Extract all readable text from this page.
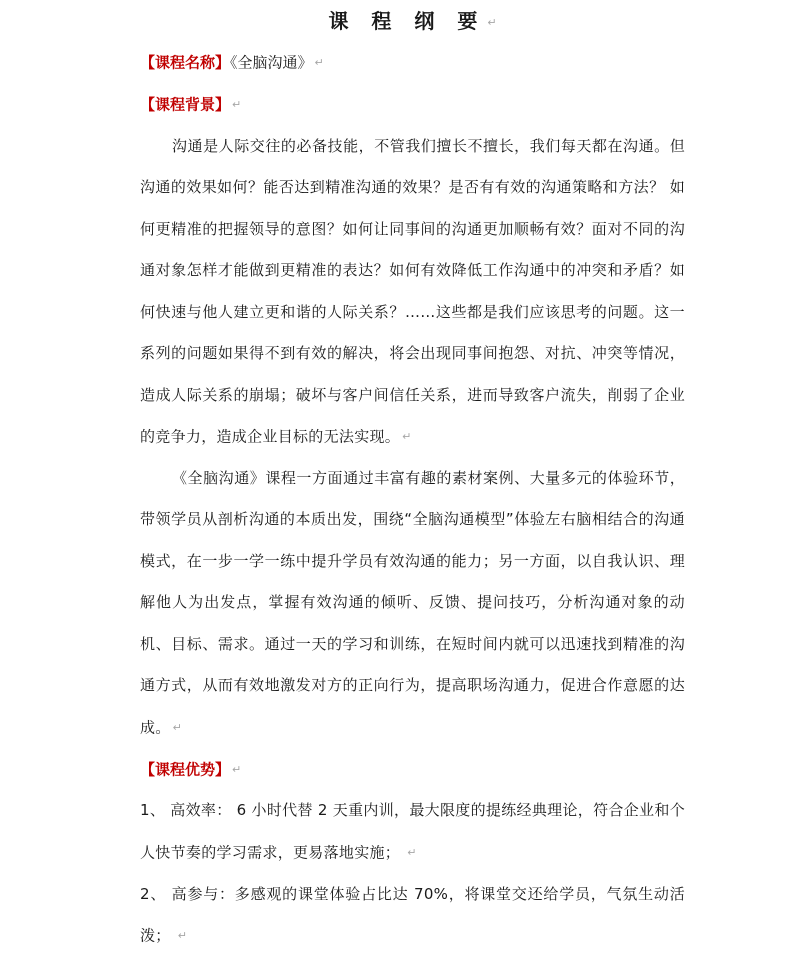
课 程 纲 要 ↵

【课程名称】《全脑沟通》 ↵

【课程背景】 ↵

沟通是人际交往的必备技能，不管我们擅长不擅长，我们每天都在沟通。但沟通的效果如何？能否达到精准沟通的效果？是否有有效的沟通策略和方法？ 如何更精准的把握领导的意图？如何让同事间的沟通更加顺畅有效？面对不同的沟通对象怎样才能做到更精准的表达？如何有效降低工作沟通中的冲突和矛盾？如何快速与他人建立更和谐的人际关系？……这些都是我们应该思考的问题。这一系列的问题如果得不到有效的解决，将会出现同事间抱怨、对抗、冲突等情况，造成人际关系的崩塌；破坏与客户间信任关系，进而导致客户流失，削弱了企业的竞争力，造成企业目标的无法实现。 ↵

《全脑沟通》课程一方面通过丰富有趣的素材案例、大量多元的体验环节，带领学员从剖析沟通的本质出发，围绕“全脑沟通模型”体验左右脑相结合的沟通模式，在一步一学一练中提升学员有效沟通的能力；另一方面，以自我认识、理解他人为出发点，掌握有效沟通的倾听、反馈、提问技巧，分析沟通对象的动机、目标、需求。通过一天的学习和训练，在短时间内就可以迅速找到精准的沟通方式，从而有效地激发对方的正向行为，提高职场沟通力，促进合作意愿的达成。 ↵

【课程优势】 ↵

1、 高效率： 6 小时代替 2 天重内训，最大限度的提练经典理论，符合企业和个人快节奏的学习需求，更易落地实施； ↵

2、 高参与：多感观的课堂体验占比达 70%，将课堂交还给学员，气氛生动活泼； ↵
